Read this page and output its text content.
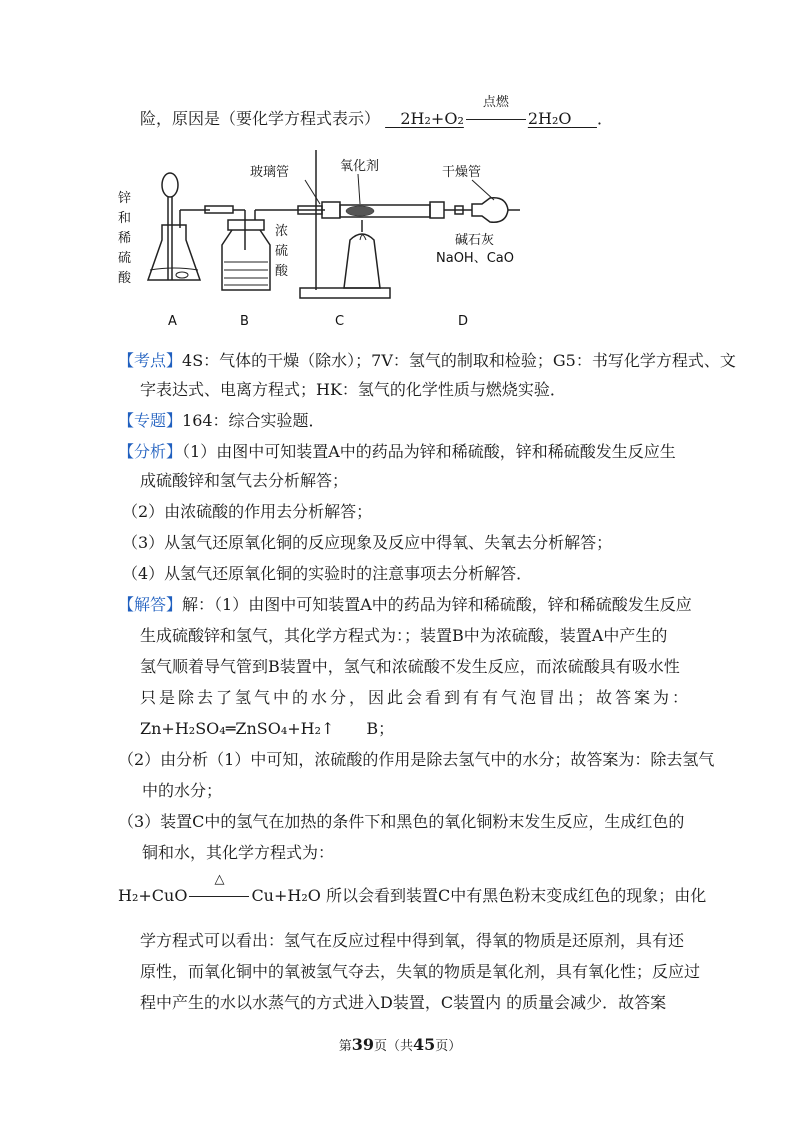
险，原因是（要化学方程式表示） 2H₂+O₂
点燃
2H₂O ．
锌
和
稀
硫
酸
浓
硫
酸
玻璃管	氧化剂	干燥管
碱石灰
NaOH、CaO
A	B	C	D
【考点】4S：气体的干燥（除水）；7V：氢气的制取和检验；G5：书写化学方程式、文
字表达式、电离方程式；HK：氢气的化学性质与燃烧实验．
【专题】164：综合实验题．
【分析】（1）由图中可知装置A中的药品为锌和稀硫酸，锌和稀硫酸发生反应生
成硫酸锌和氢气去分析解答；
（2）由浓硫酸的作用去分析解答；
（3）从氢气还原氧化铜的反应现象及反应中得氧、失氧去分析解答；
（4）从氢气还原氧化铜的实验时的注意事项去分析解答．
【解答】解：（1）由图中可知装置A中的药品为锌和稀硫酸，锌和稀硫酸发生反应
生成硫酸锌和氢气，其化学方程式为：；装置B中为浓硫酸，装置A中产生的
氢气顺着导气管到B装置中，氢气和浓硫酸不发生反应，而浓硫酸具有吸水性
只是除去了氢气中的水分，因此会看到有有气泡冒出；故答案为：
Zn+H₂SO₄═ZnSO₄+H₂↑　　B；
（2）由分析（1）中可知，浓硫酸的作用是除去氢气中的水分；故答案为：除去氢气
中的水分；
（3）装置C中的氢气在加热的条件下和黑色的氧化铜粉末发生反应，生成红色的
铜和水，其化学方程式为：
H₂+CuO
△
Cu+H₂O 所以会看到装置C中有黑色粉末变成红色的现象；由化
学方程式可以看出：氢气在反应过程中得到氧，得氧的物质是还原剂，具有还
原性，而氧化铜中的氧被氢气夺去，失氧的物质是氧化剂，具有氧化性；反应过
程中产生的水以水蒸气的方式进入D装置，C装置内 的质量会减少．故答案
第39页（共45页）
